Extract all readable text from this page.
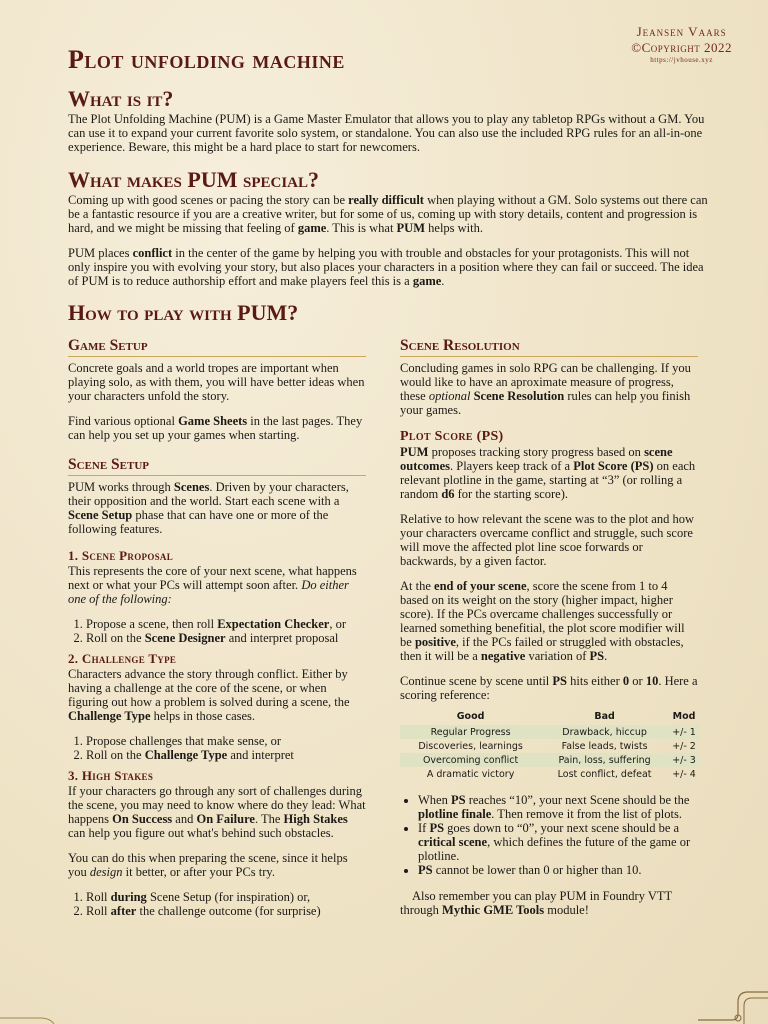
Jeansen Vaars
©Copyright 2022
https://jvhouse.xyz
Plot unfolding machine
What is it?

The Plot Unfolding Machine (PUM) is a Game Master Emulator that allows you to play any tabletop RPGs without a GM. You can use it to expand your current favorite solo system, or standalone. You can also use the included RPG rules for an all-in-one experience. Beware, this might be a hard place to start for newcomers.

What makes PUM special?

Coming up with good scenes or pacing the story can be really difficult when playing without a GM. Solo systems out there can be a fantastic resource if you are a creative writer, but for some of us, coming up with story details, content and progression is hard, and we might be missing that feeling of game. This is what PUM helps with.

PUM places conflict in the center of the game by helping you with trouble and obstacles for your protagonists. This will not only inspire you with evolving your story, but also places your characters in a position where they can fail or succeed. The idea of PUM is to reduce authorship effort and make players feel this is a game.

How to play with PUM?
Game Setup

Concrete goals and a world tropes are important when playing solo, as with them, you will have better ideas when your characters unfold the story.

Find various optional Game Sheets in the last pages. They can help you set up your games when starting.

Scene Setup

PUM works through Scenes. Driven by your characters, their opposition and the world. Start each scene with a Scene Setup phase that can have one or more of the following features.

1. Scene Proposal

This represents the core of your next scene, what happens next or what your PCs will attempt soon after. Do either one of the following:

1. Propose a scene, then roll Expectation Checker, or
2. Roll on the Scene Designer and interpret proposal
2. Challenge Type

Characters advance the story through conflict. Either by having a challenge at the core of the scene, or when figuring out how a problem is solved during a scene, the Challenge Type helps in those cases.

1. Propose challenges that make sense, or
2. Roll on the Challenge Type and interpret
3. High Stakes

If your characters go through any sort of challenges during the scene, you may need to know where do they lead: What happens On Success and On Failure. The High Stakes can help you figure out what's behind such obstacles.

You can do this when preparing the scene, since it helps you design it better, or after your PCs try.

1. Roll during Scene Setup (for inspiration) or,
2. Roll after the challenge outcome (for surprise)
Scene Resolution

Concluding games in solo RPG can be challenging. If you would like to have an aproximate measure of progress, these optional Scene Resolution rules can help you finish your games.

Plot Score (PS)

PUM proposes tracking story progress based on scene outcomes. Players keep track of a Plot Score (PS) on each relevant plotline in the game, starting at “3” (or rolling a random d6 for the starting score).

Relative to how relevant the scene was to the plot and how your characters overcame conflict and struggle, such score will move the affected plot line scoe forwards or backwards, by a given factor.

At the end of your scene, score the scene from 1 to 4 based on its weight on the story (higher impact, higher score). If the PCs overcame challenges successfully or learned something benefitial, the plot score modifier will be positive, if the PCs failed or struggled with obstacles, then it will be a negative variation of PS.

Continue scene by scene until PS hits either 0 or 10. Here a scoring reference:

Good	Bad	Mod
Regular Progress	Drawback, hiccup	+/- 1
Discoveries, learnings	False leads, twists	+/- 2
Overcoming conflict	Pain, loss, suffering	+/- 3
A dramatic victory	Lost conflict, defeat	+/- 4
• When PS reaches “10”, your next Scene should be the plotline finale. Then remove it from the list of plots.
• If PS goes down to “0”, your next scene should be a critical scene, which defines the future of the game or plotline.
• PS cannot be lower than 0 or higher than 10.

Also remember you can play PUM in Foundry VTT through Mythic GME Tools module!
